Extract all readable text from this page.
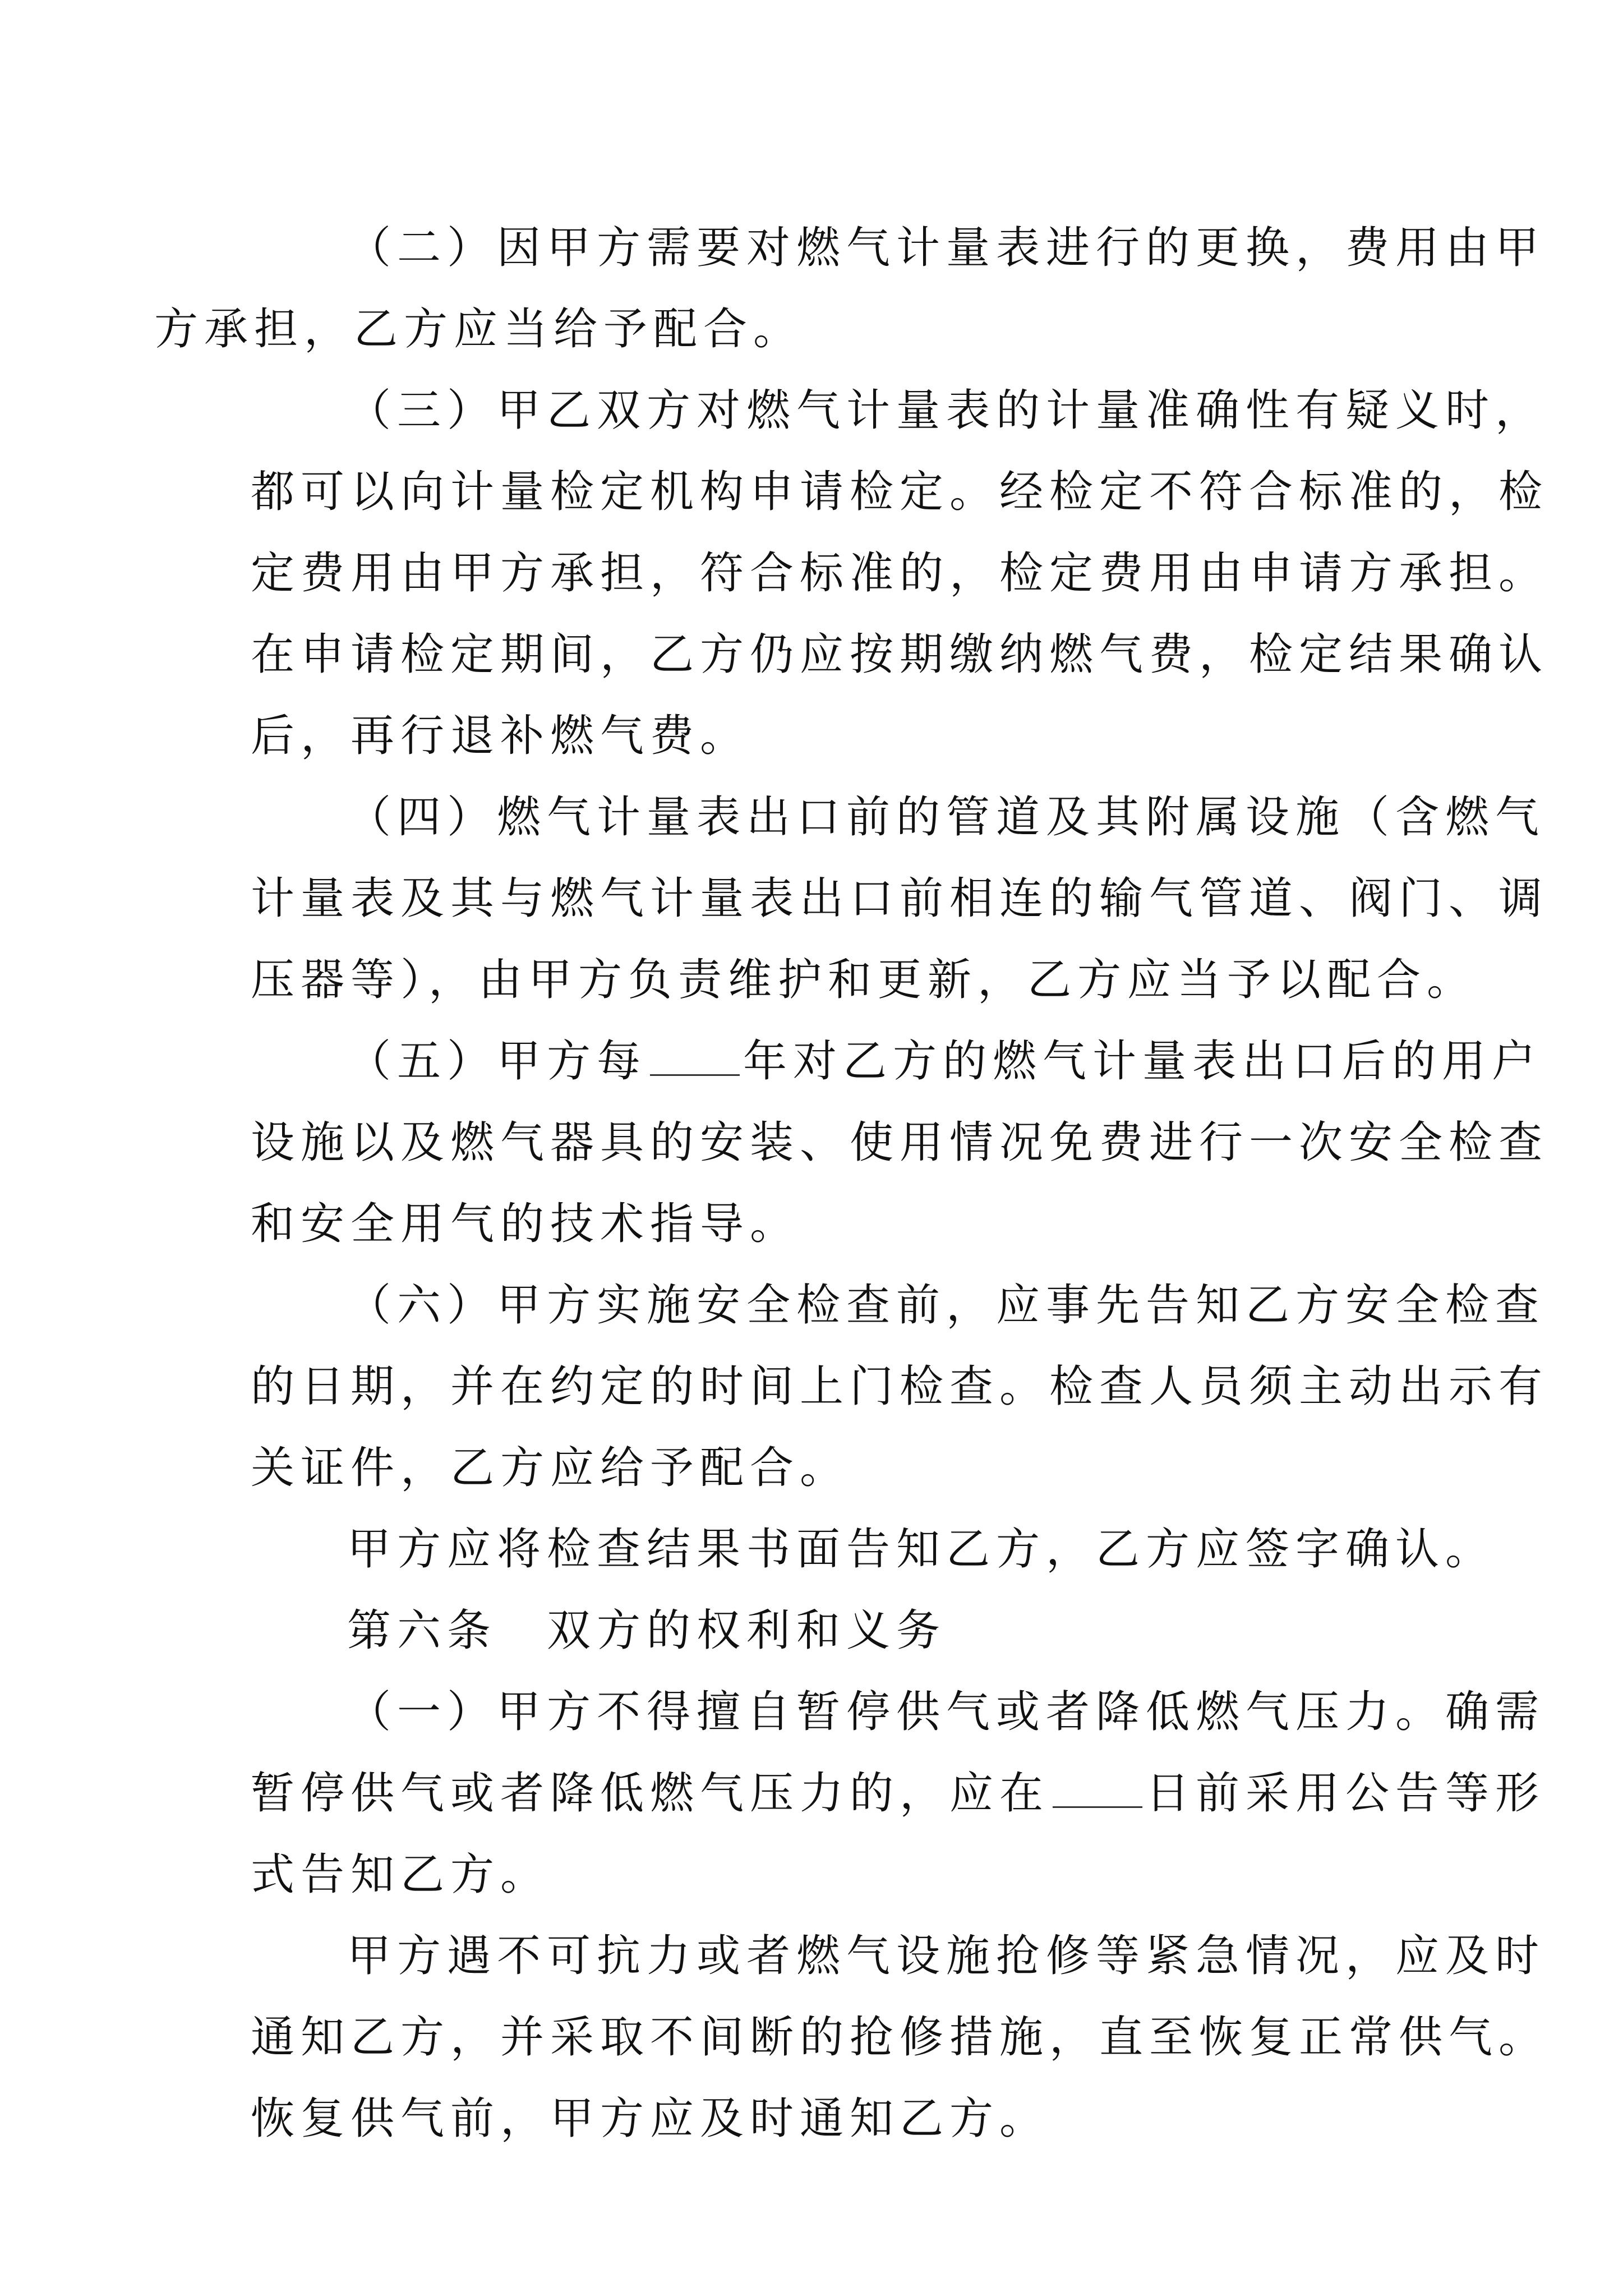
（二）因甲方需要对燃气计量表进行的更换，费用由甲
方承担，乙方应当给予配合。

（三）甲乙双方对燃气计量表的计量准确性有疑义时，
都可以向计量检定机构申请检定。经检定不符合标准的，检
定费用由甲方承担，符合标准的，检定费用由申请方承担。
在申请检定期间，乙方仍应按期缴纳燃气费，检定结果确认
后，再行退补燃气费。

（四）燃气计量表出口前的管道及其附属设施（含燃气
计量表及其与燃气计量表出口前相连的输气管道、阀门、调
压器等），由甲方负责维护和更新，乙方应当予以配合。

（五）甲方每 年对乙方的燃气计量表出口后的用户
设施以及燃气器具的安装、使用情况免费进行一次安全检查
和安全用气的技术指导。

（六）甲方实施安全检查前，应事先告知乙方安全检查
的日期，并在约定的时间上门检查。检查人员须主动出示有
关证件，乙方应给予配合。

甲方应将检查结果书面告知乙方，乙方应签字确认。

第六条　双方的权利和义务

（一）甲方不得擅自暂停供气或者降低燃气压力。确需
暂停供气或者降低燃气压力的，应在 日前采用公告等形
式告知乙方。

甲方遇不可抗力或者燃气设施抢修等紧急情况，应及时
通知乙方，并采取不间断的抢修措施，直至恢复正常供气。
恢复供气前，甲方应及时通知乙方。
